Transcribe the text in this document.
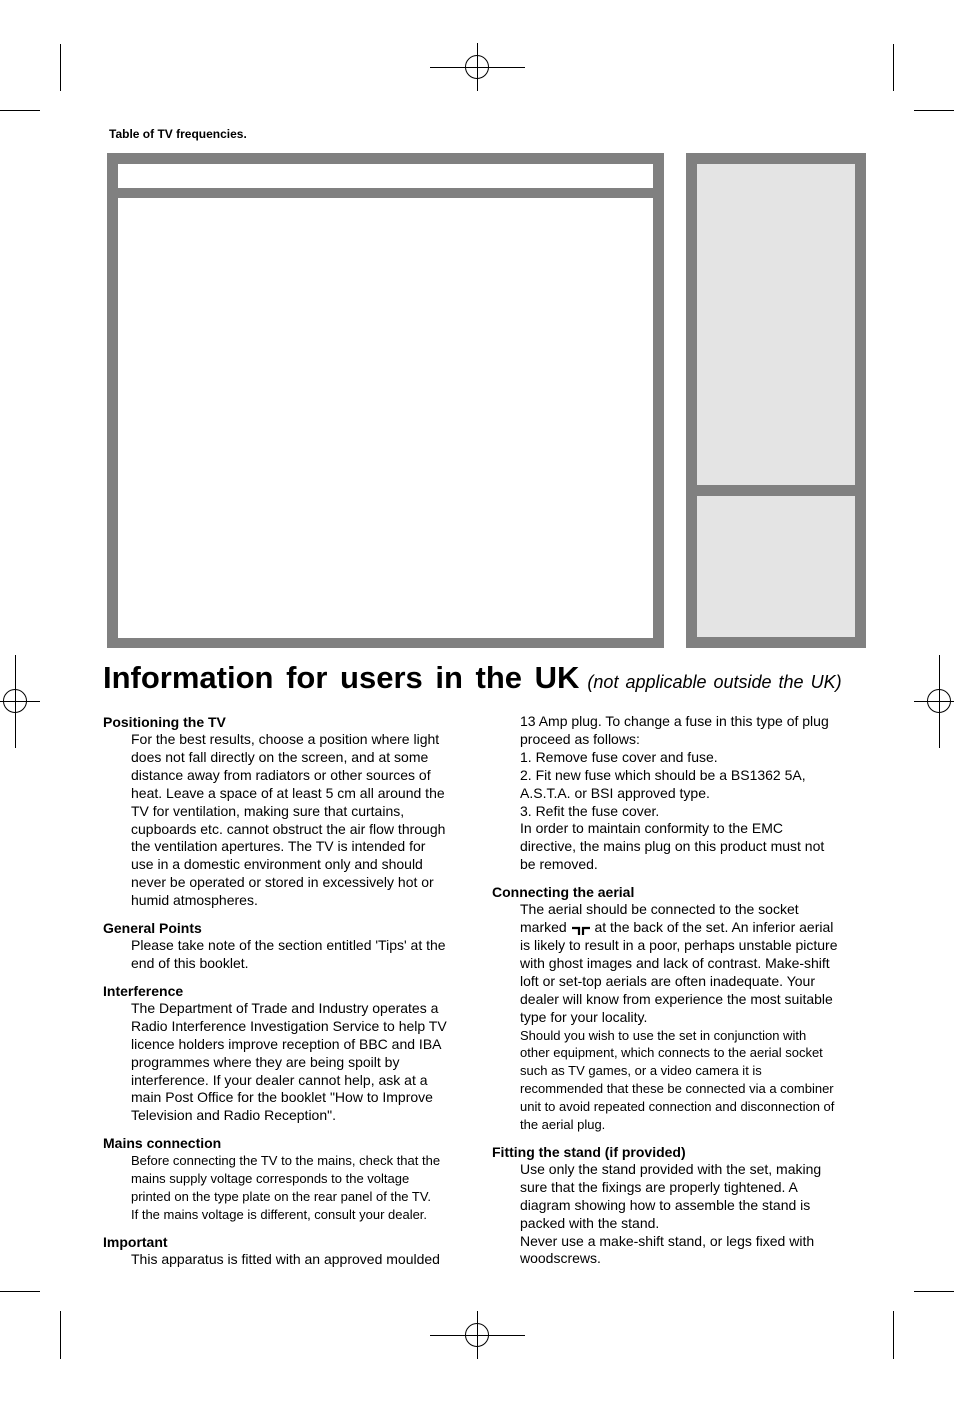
Table of TV frequencies.
Information for users in the UK (not applicable outside the UK)
Positioning the TV
For the best results, choose a position where light
does not fall directly on the screen, and at some
distance away from radiators or other sources of
heat. Leave a space of at least 5 cm all around the
TV for ventilation, making sure that curtains,
cupboards etc. cannot obstruct the air flow through
the ventilation apertures. The TV is intended for
use in a domestic environment only and should
never be operated or stored in excessively hot or
humid atmospheres.
General Points
Please take note of the section entitled 'Tips' at the
end of this booklet.
Interference
The Department of Trade and Industry operates a
Radio Interference Investigation Service to help TV
licence holders improve reception of BBC and IBA
programmes where they are being spoilt by
interference. If your dealer cannot help, ask at a
main Post Office for the booklet "How to Improve
Television and Radio Reception".
Mains connection
Before connecting the TV to the mains, check that the
mains supply voltage corresponds to the voltage
printed on the type plate on the rear panel of the TV.
If the mains voltage is different, consult your dealer.
Important
This apparatus is fitted with an approved moulded
13 Amp plug. To change a fuse in this type of plug
proceed as follows:
1. Remove fuse cover and fuse.
2. Fit new fuse which should be a BS1362 5A,
A.S.T.A. or BSI approved type.
3. Refit the fuse cover.
In order to maintain conformity to the EMC
directive, the mains plug on this product must not
be removed.
Connecting the aerial
The aerial should be connected to the socket
marked  at the back of the set. An inferior aerial
is likely to result in a poor, perhaps unstable picture
with ghost images and lack of contrast. Make-shift
loft or set-top aerials are often inadequate. Your
dealer will know from experience the most suitable
type for your locality.
Should you wish to use the set in conjunction with
other equipment, which connects to the aerial socket
such as TV games, or a video camera it is
recommended that these be connected via a combiner
unit to avoid repeated connection and disconnection of
the aerial plug.
Fitting the stand (if provided)
Use only the stand provided with the set, making
sure that the fixings are properly tightened. A
diagram showing how to assemble the stand is
packed with the stand.
Never use a make-shift stand, or legs fixed with
woodscrews.
